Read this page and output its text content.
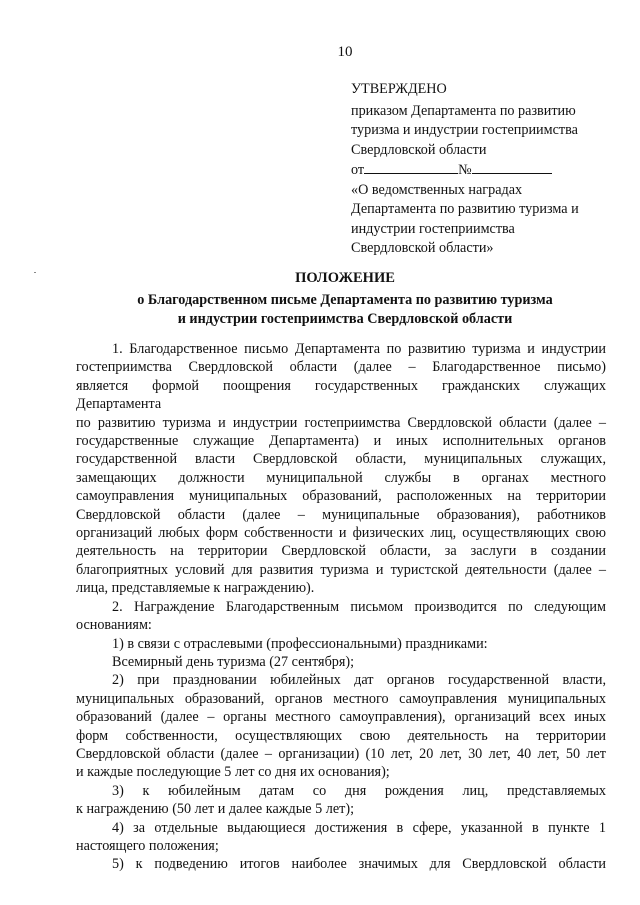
10
УТВЕРЖДЕНО
приказом Департамента по развитию
туризма и индустрии гостеприимства
Свердловской области
от	№
«О ведомственных наградах
Департамента по развитию туризма и
индустрии гостеприимства
Свердловской области»
ПОЛОЖЕНИЕ
о Благодарственном письме Департамента по развитию туризма
и индустрии гостеприимства Свердловской области
1. Благодарственное письмо Департамента по развитию туризма и индустрии
гостеприимства Свердловской области (далее – Благодарственное письмо)
является формой поощрения государственных гражданских служащих
Департамента
по развитию туризма и индустрии гостеприимства Свердловской области (далее –
государственные служащие Департамента) и иных исполнительных органов
государственной власти Свердловской области, муниципальных служащих,
замещающих должности муниципальной службы в органах местного
самоуправления муниципальных образований, расположенных на территории
Свердловской области (далее – муниципальные образования), работников
организаций любых форм собственности и физических лиц, осуществляющих свою
деятельность на территории Свердловской области, за заслуги в создании
благоприятных условий для развития туризма и туристской деятельности (далее –
лица, представляемые к награждению).
2. Награждение Благодарственным письмом производится по следующим
основаниям:
1) в связи с отраслевыми (профессиональными) праздниками:
Всемирный день туризма (27 сентября);
2) при праздновании юбилейных дат органов государственной власти,
муниципальных образований, органов местного самоуправления муниципальных
образований (далее – органы местного самоуправления), организаций всех иных
форм собственности, осуществляющих свою деятельность на территории
Свердловской области (далее – организации) (10 лет, 20 лет, 30 лет, 40 лет, 50 лет
и каждые последующие 5 лет со дня их основания);
3) к юбилейным датам со дня рождения лиц, представляемых
к награждению (50 лет и далее каждые 5 лет);
4) за отдельные выдающиеся достижения в сфере, указанной в пункте 1
настоящего положения;
5) к подведению итогов наиболее значимых для Свердловской области
